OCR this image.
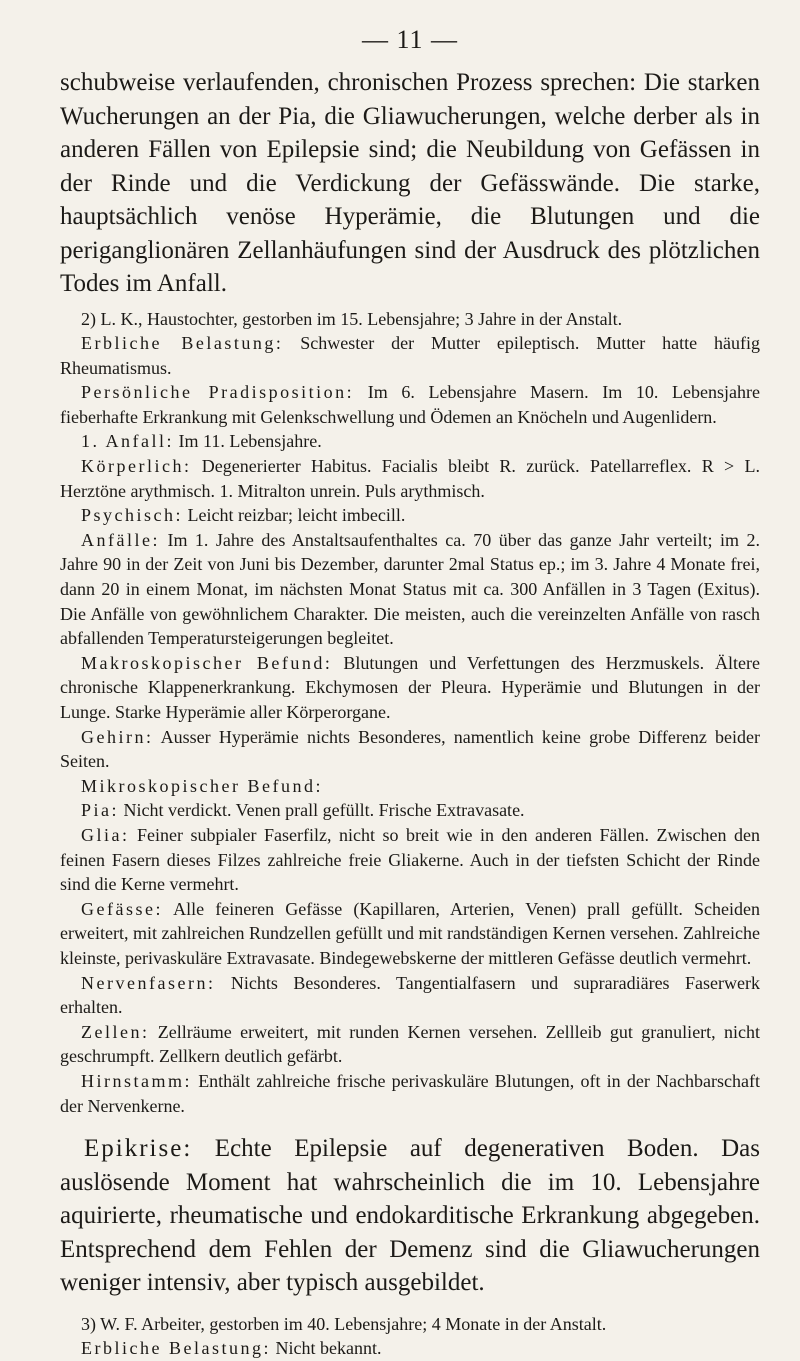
— 11 —

schubweise verlaufenden, chronischen Prozess sprechen: Die starken Wucherungen an der Pia, die Gliawucherungen, welche derber als in anderen Fällen von Epilepsie sind; die Neubildung von Gefässen in der Rinde und die Verdickung der Gefässwände. Die starke, hauptsächlich venöse Hyperämie, die Blutungen und die periganglionären Zellanhäufungen sind der Ausdruck des plötzlichen Todes im Anfall.

2) L. K., Haustochter, gestorben im 15. Lebensjahre; 3 Jahre in der Anstalt.

Erbliche Belastung: Schwester der Mutter epileptisch. Mutter hatte häufig Rheumatismus.

Persönliche Pradisposition: Im 6. Lebensjahre Masern. Im 10. Lebensjahre fieberhafte Erkrankung mit Gelenkschwellung und Ödemen an Knöcheln und Augenlidern.

1. Anfall: Im 11. Lebensjahre.

Körperlich: Degenerierter Habitus. Facialis bleibt R. zurück. Patellarreflex. R > L. Herztöne arythmisch. 1. Mitralton unrein. Puls arythmisch.

Psychisch: Leicht reizbar; leicht imbecill.

Anfälle: Im 1. Jahre des Anstaltsaufenthaltes ca. 70 über das ganze Jahr verteilt; im 2. Jahre 90 in der Zeit von Juni bis Dezember, darunter 2mal Status ep.; im 3. Jahre 4 Monate frei, dann 20 in einem Monat, im nächsten Monat Status mit ca. 300 Anfällen in 3 Tagen (Exitus). Die Anfälle von gewöhnlichem Charakter. Die meisten, auch die vereinzelten Anfälle von rasch abfallenden Temperatursteigerungen begleitet.

Makroskopischer Befund: Blutungen und Verfettungen des Herzmuskels. Ältere chronische Klappenerkrankung. Ekchymosen der Pleura. Hyperämie und Blutungen in der Lunge. Starke Hyperämie aller Körperorgane.

Gehirn: Ausser Hyperämie nichts Besonderes, namentlich keine grobe Differenz beider Seiten.

Mikroskopischer Befund:

Pia: Nicht verdickt. Venen prall gefüllt. Frische Extravasate.

Glia: Feiner subpialer Faserfilz, nicht so breit wie in den anderen Fällen. Zwischen den feinen Fasern dieses Filzes zahlreiche freie Gliakerne. Auch in der tiefsten Schicht der Rinde sind die Kerne vermehrt.

Gefässe: Alle feineren Gefässe (Kapillaren, Arterien, Venen) prall gefüllt. Scheiden erweitert, mit zahlreichen Rundzellen gefüllt und mit randständigen Kernen versehen. Zahlreiche kleinste, perivaskuläre Extravasate. Bindegewebskerne der mittleren Gefässe deutlich vermehrt.

Nervenfasern: Nichts Besonderes. Tangentialfasern und supraradiäres Faserwerk erhalten.

Zellen: Zellräume erweitert, mit runden Kernen versehen. Zellleib gut granuliert, nicht geschrumpft. Zellkern deutlich gefärbt.

Hirnstamm: Enthält zahlreiche frische perivaskuläre Blutungen, oft in der Nachbarschaft der Nervenkerne.

Epikrise: Echte Epilepsie auf degenerativen Boden. Das auslösende Moment hat wahrscheinlich die im 10. Lebensjahre aquirierte, rheumatische und endokarditische Erkrankung abgegeben. Entsprechend dem Fehlen der Demenz sind die Gliawucherungen weniger intensiv, aber typisch ausgebildet.

3) W. F. Arbeiter, gestorben im 40. Lebensjahre; 4 Monate in der Anstalt.

Erbliche Belastung: Nicht bekannt.
